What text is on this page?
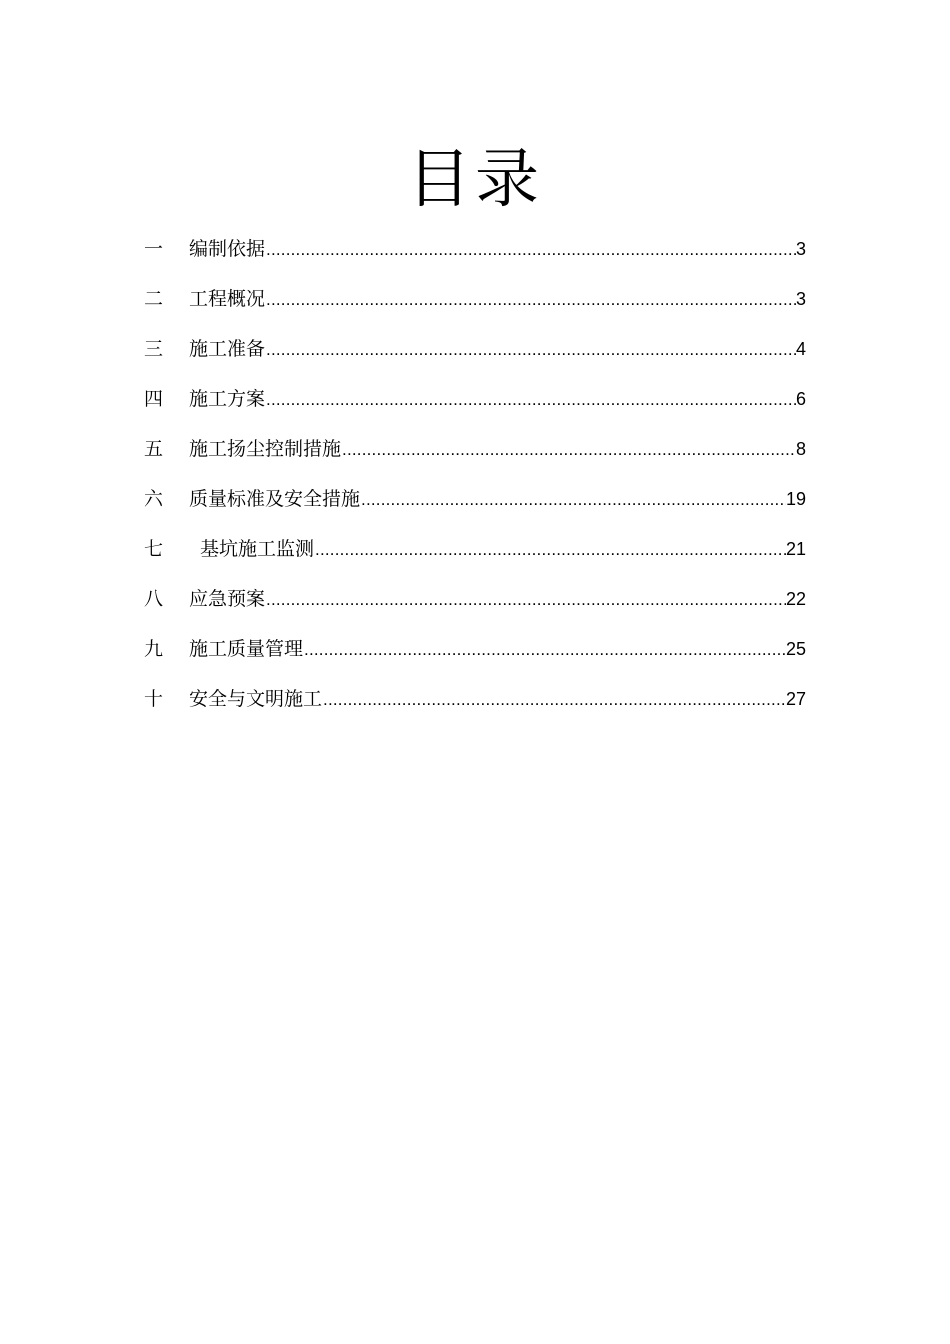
目录
一	编制依据 .....	3
二	工程概况 .....	3
三	施工准备 .....	4
四	施工方案 .....	6
五	施工扬尘控制措施 .....	8
六	质量标准及安全措施 .....	19
七	基坑施工监测 .....	21
八	应急预案 .....	22
九	施工质量管理 .....	25
十	安全与文明施工 .....	27
